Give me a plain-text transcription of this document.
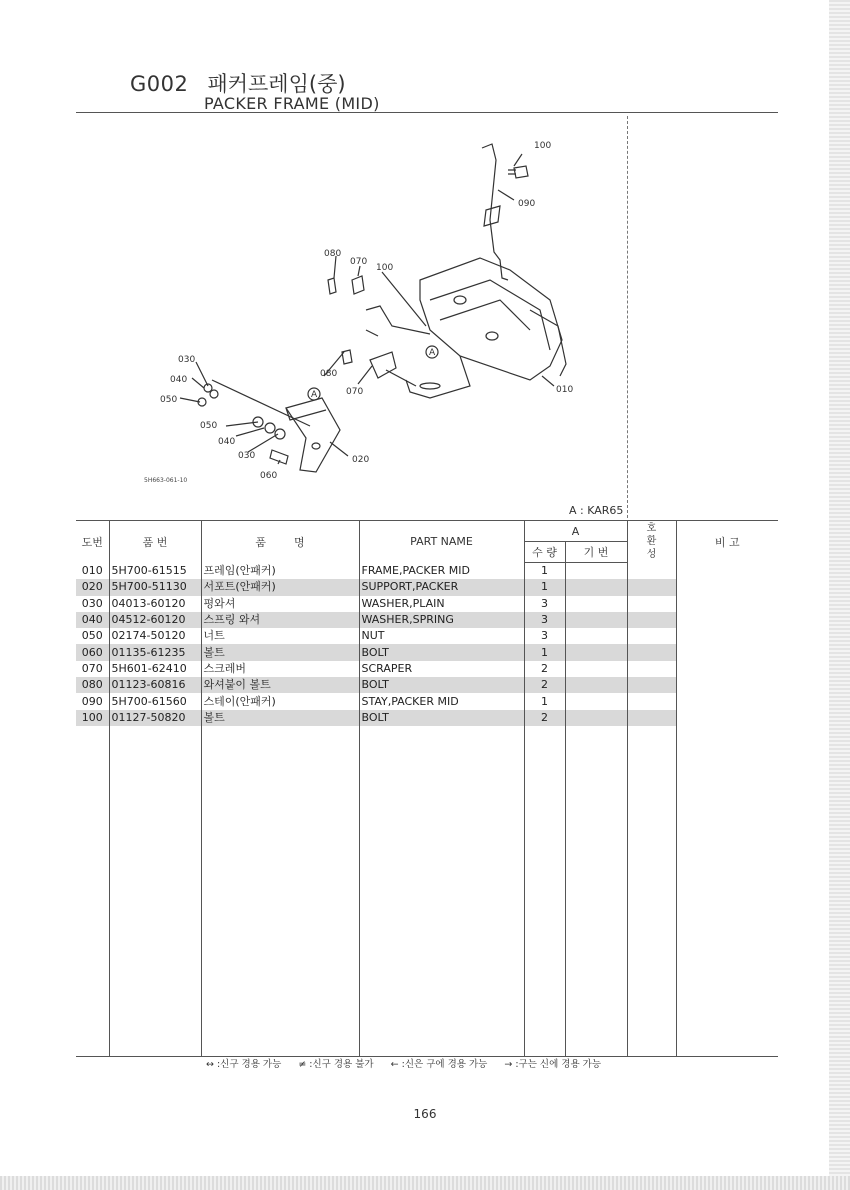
G002 패커프레임(중)
PACKER FRAME (MID)
100
090
080
070
100
030
040
050
080
070	010
050
040
030	020
060
A
A
5H663-061-10
A : KAR65
도번	품 번	품        명	PART NAME	A		호
환
성	비 고
				수 량	기 번		
010	5H700-61515	프레임(안패커)	FRAME,PACKER MID	1			
020	5H700-51130	서포트(안패커)	SUPPORT,PACKER	1			
030	04013-60120	평와셔	WASHER,PLAIN	3			
040	04512-60120	스프링 와셔	WASHER,SPRING	3			
050	02174-50120	너트	NUT	3			
060	01135-61235	볼트	BOLT	1			
070	5H601-62410	스크레버	SCRAPER	2			
080	01123-60816	와셔붙이 볼트	BOLT	2			
090	5H700-61560	스테이(안패커)	STAY,PACKER MID	1			
100	01127-50820	볼트	BOLT	2			

↔ :신구 경용 가능 ≠ :신구 경용 불가 ← :신은 구에 경용 가능 → :구는 신에 경용 가능
166
